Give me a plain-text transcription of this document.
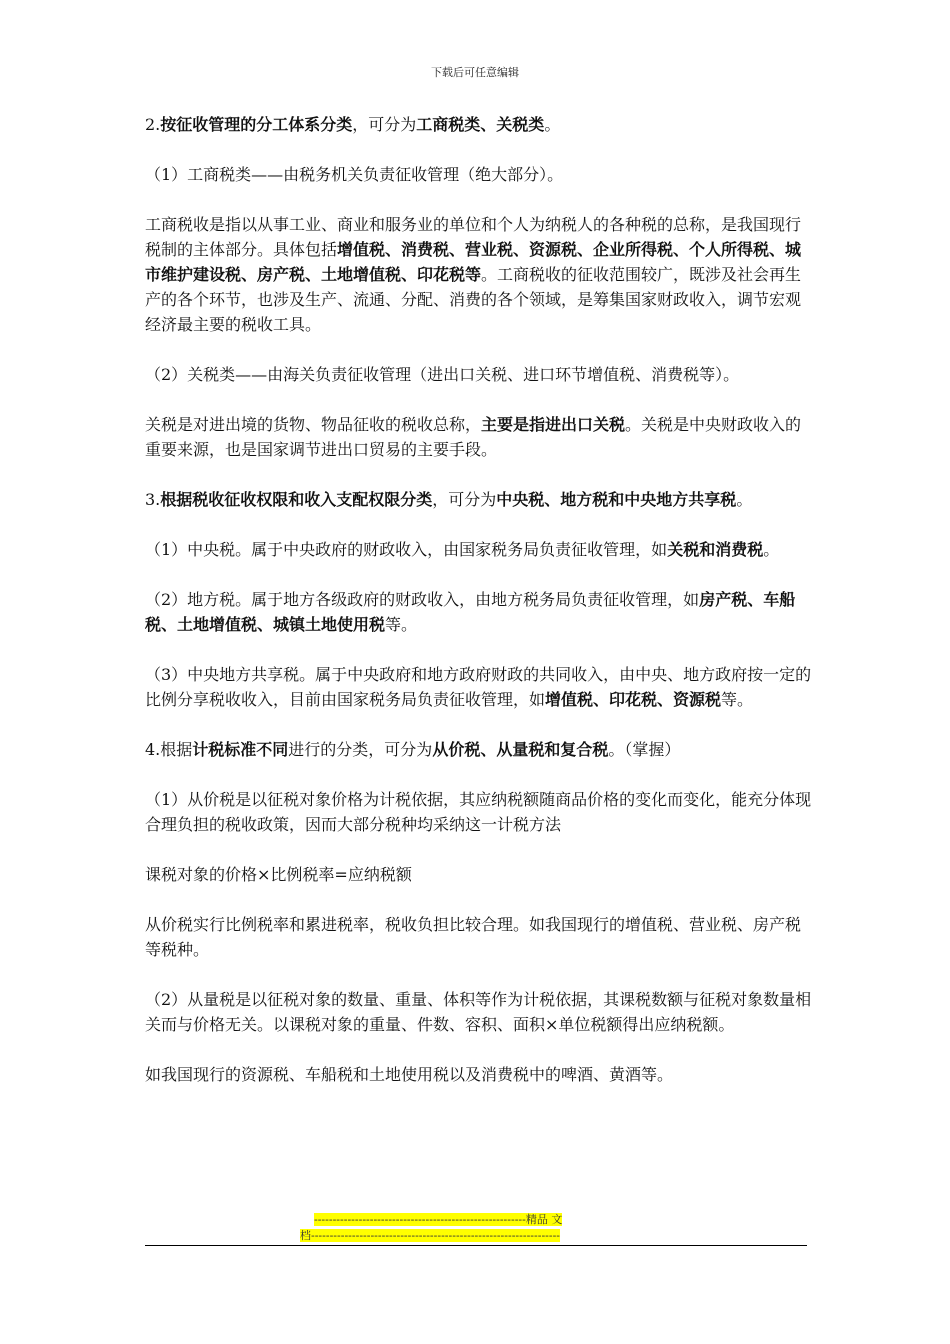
下载后可任意编辑

2.按征收管理的分工体系分类，可分为工商税类、关税类。

（1）工商税类——由税务机关负责征收管理（绝大部分）。

工商税收是指以从事工业、商业和服务业的单位和个人为纳税人的各种税的总称，是我国现行税制的主体部分。具体包括增值税、消费税、营业税、资源税、企业所得税、个人所得税、城市维护建设税、房产税、土地增值税、印花税等。工商税收的征收范围较广，既涉及社会再生产的各个环节，也涉及生产、流通、分配、消费的各个领域，是筹集国家财政收入，调节宏观经济最主要的税收工具。

（2）关税类——由海关负责征收管理（进出口关税、进口环节增值税、消费税等）。

关税是对进出境的货物、物品征收的税收总称，主要是指进出口关税。关税是中央财政收入的重要来源，也是国家调节进出口贸易的主要手段。

3.根据税收征收权限和收入支配权限分类，可分为中央税、地方税和中央地方共享税。

（1）中央税。属于中央政府的财政收入，由国家税务局负责征收管理，如关税和消费税。

（2）地方税。属于地方各级政府的财政收入，由地方税务局负责征收管理，如房产税、车船税、土地增值税、城镇土地使用税等。

（3）中央地方共享税。属于中央政府和地方政府财政的共同收入，由中央、地方政府按一定的比例分享税收收入，目前由国家税务局负责征收管理，如增值税、印花税、资源税等。

4.根据计税标准不同进行的分类，可分为从价税、从量税和复合税。（掌握）

（1）从价税是以征税对象价格为计税依据，其应纳税额随商品价格的变化而变化，能充分体现合理负担的税收政策，因而大部分税种均采纳这一计税方法

课税对象的价格×比例税率=应纳税额

从价税实行比例税率和累进税率，税收负担比较合理。如我国现行的增值税、营业税、房产税等税种。

（2）从量税是以征税对象的数量、重量、体积等作为计税依据，其课税数额与征税对象数量相关而与价格无关。以课税对象的重量、件数、容积、面积×单位税额得出应纳税额。

如我国现行的资源税、车船税和土地使用税以及消费税中的啤酒、黄酒等。

---------------------------------------------------------精品 文
档-------------------------------------------------------------------
